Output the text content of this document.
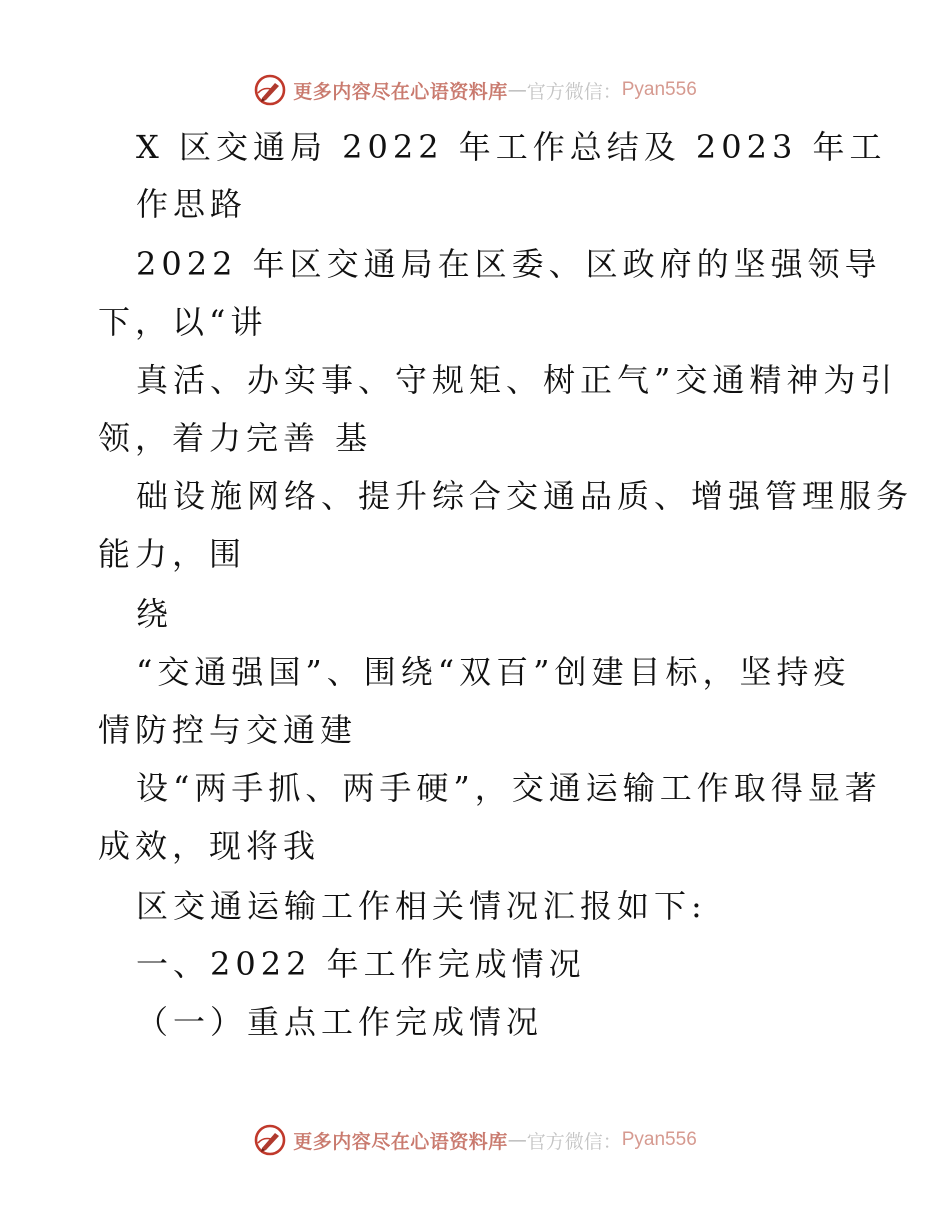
更多内容尽在心语资料库 — 官方微信： Pyan556
X 区交通局 2022 年工作总结及 2023 年工
作思路
2022 年区交通局在区委、区政府的坚强领导
下，以“讲
真活、办实事、守规矩、树正气”交通精神为引
领，着力完善 基
础设施网络、提升综合交通品质、增强管理服务
能力，围
绕
“交通强国”、围绕“双百”创建目标，坚持疫
情防控与交通建
设“两手抓、两手硬”，交通运输工作取得显著
成效，现将我
区交通运输工作相关情况汇报如下:
一、2022 年工作完成情况
（一）重点工作完成情况
更多内容尽在心语资料库 — 官方微信： Pyan556
